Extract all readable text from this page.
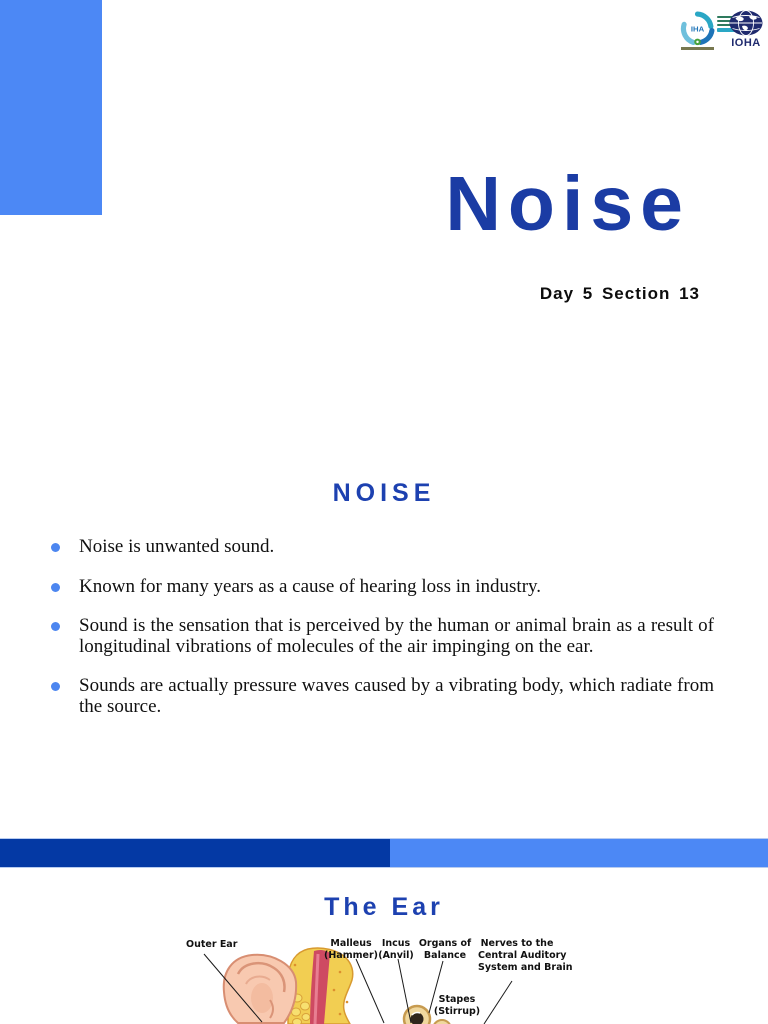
IHA
IOHA
Noise

Day 5 Section 13

NOISE
Noise is unwanted sound.
Known for many years as a cause of hearing loss in industry.
Sound is the sensation that is perceived by the human or animal brain as a result of longitudinal vibrations of molecules of the air impinging on the ear.
Sounds are actually pressure waves caused by a vibrating body, which radiate from the source.
The Ear
Outer Ear	Malleus
(Hammer)
Incus
(Anvil)
Organs of
Balance
Nerves to the
Central Auditory
System and Brain
Stapes
(Stirrup)
